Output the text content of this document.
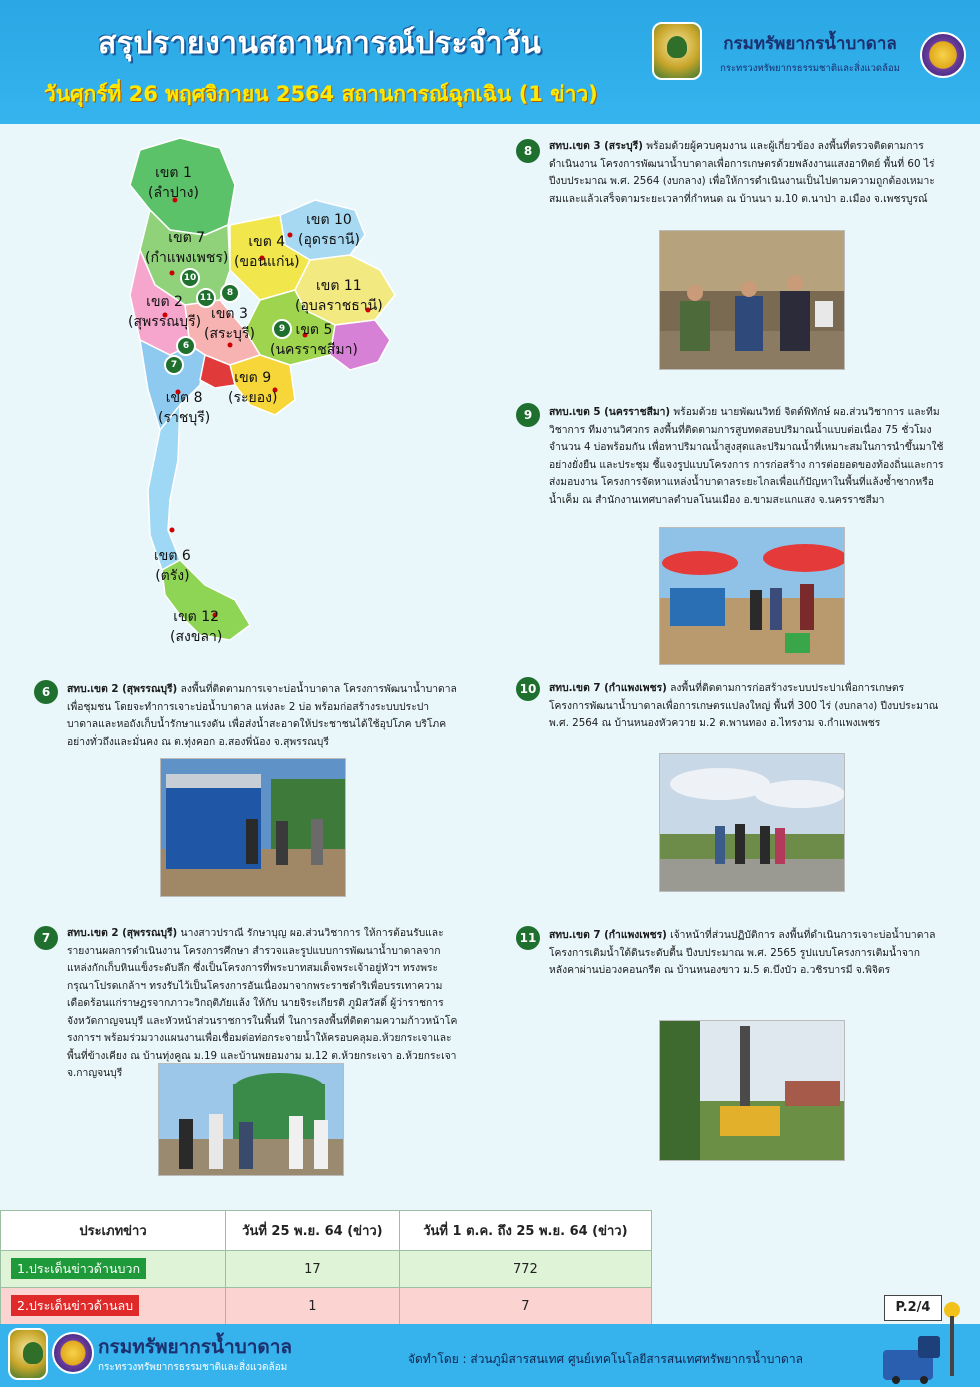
สรุปรายงานสถานการณ์ประจำวัน
วันศุกร์ที่ 26 พฤศจิกายน 2564 สถานการณ์ฉุกเฉิน (1 ข่าว)
กรมทรัพยากรน้ำบาดาล
กระทรวงทรัพยากรธรรมชาติและสิ่งแวดล้อม
เขต 1
(ลำปาง)
เขต 7
(กำแพงเพชร)
เขต 4
(ขอนแก่น)
เขต 10
(อุดรธานี)
เขต 11
(อุบลราชธานี)
เขต 2
(สุพรรณบุรี) เขต 3
(สระบุรี)	เขต 5
(นครราชสีมา)
เขต 9
(ระยอง)
เขต 8
(ราชบุรี)
เขต 6
(ตรัง)
เขต 12
(สงขลา)
10
11	8
9
6
7
8	สทบ.เขต 3 (สระบุรี) พร้อมด้วยผู้ควบคุมงาน และผู้เกี่ยวข้อง ลงพื้นที่ตรวจติดตามการดำเนินงาน โครงการพัฒนาน้ำบาดาลเพื่อการเกษตรด้วยพลังงานแสงอาทิตย์ พื้นที่ 60 ไร่ ปีงบประมาณ พ.ศ. 2564 (งบกลาง) เพื่อให้การดำเนินงานเป็นไปตามความถูกต้องเหมาะสมและแล้วเสร็จตามระยะเวลาที่กำหนด ณ บ้านนา ม.10 ต.นาป่า อ.เมือง จ.เพชรบูรณ์
9	สทบ.เขต 5 (นครราชสีมา) พร้อมด้วย นายพัฒนวิทย์ จิตต์พิทักษ์ ผอ.ส่วนวิชาการ และทีมวิชาการ ทีมงานวิศวกร ลงพื้นที่ติดตามการสูบทดสอบปริมาณน้ำแบบต่อเนื่อง 75 ชั่วโมง จำนวน 4 บ่อพร้อมกัน เพื่อหาปริมาณน้ำสูงสุดและปริมาณน้ำที่เหมาะสมในการนำขึ้นมาใช้อย่างยั่งยืน และประชุม ชี้แจงรูปแบบโครงการ การก่อสร้าง การต่อยอดของท้องถิ่นและการส่งมอบงาน โครงการจัดหาแหล่งน้ำบาดาลระยะไกลเพื่อแก้ปัญหาในพื้นที่แล้งซ้ำซากหรือน้ำเค็ม ณ สำนักงานเทศบาลตำบลโนนเมือง อ.ขามสะแกแสง จ.นครราชสีมา
10	สทบ.เขต 7 (กำแพงเพชร) ลงพื้นที่ติดตามการก่อสร้างระบบประปาเพื่อการเกษตร โครงการพัฒนาน้ำบาดาลเพื่อการเกษตรแปลงใหญ่ พื้นที่ 300 ไร่ (งบกลาง) ปีงบประมาณ พ.ศ. 2564 ณ บ้านหนองหัวควาย ม.2 ต.พานทอง อ.ไทรงาม จ.กำแพงเพชร
11	สทบ.เขต 7 (กำแพงเพชร) เจ้าหน้าที่ส่วนปฏิบัติการ ลงพื้นที่ดำเนินการเจาะบ่อน้ำบาดาล โครงการเติมน้ำใต้ดินระดับตื้น ปีงบประมาณ พ.ศ. 2565 รูปแบบโครงการเติมน้ำจากหลังคาผ่านบ่อวงคอนกรีต ณ บ้านหนองขาว ม.5 ต.บึงบัว อ.วชิรบารมี จ.พิจิตร
6	สทบ.เขต 2 (สุพรรณบุรี) ลงพื้นที่ติดตามการเจาะบ่อน้ำบาดาล โครงการพัฒนาน้ำบาดาลเพื่อชุมชน โดยจะทำการเจาะบ่อน้ำบาดาล แห่งละ 2 บ่อ พร้อมก่อสร้างระบบประปาบาดาลและหอถังเก็บน้ำรักษาแรงดัน เพื่อส่งน้ำสะอาดให้ประชาชนได้ใช้อุปโภค บริโภค อย่างทั่วถึงและมั่นคง ณ ต.ทุ่งคอก อ.สองพี่น้อง จ.สุพรรณบุรี
7	สทบ.เขต 2 (สุพรรณบุรี) นางสาวปราณี รักษาบุญ ผอ.ส่วนวิชาการ ให้การต้อนรับและรายงานผลการดำเนินงาน โครงการศึกษา สำรวจและรูปแบบการพัฒนาน้ำบาดาลจากแหล่งกักเก็บหินแข็งระดับลึก ซึ่งเป็นโครงการที่พระบาทสมเด็จพระเจ้าอยู่หัวฯ ทรงพระกรุณาโปรดเกล้าฯ ทรงรับไว้เป็นโครงการอันเนื่องมาจากพระราชดำริเพื่อบรรเทาความเดือดร้อนแก่ราษฎรจากภาวะวิกฤติภัยแล้ง ให้กับ นายจิระเกียรติ ภูมิสวัสดิ์ ผู้ว่าราชการจังหวัดกาญจนบุรี และหัวหน้าส่วนราชการในพื้นที่ ในการลงพื้นที่ติดตามความก้าวหน้าโครงการฯ พร้อมร่วมวางแผนงานเพื่อเชื่อมต่อท่อกระจายน้ำให้ครอบคลุมอ.ห้วยกระเจาและพื้นที่ข้างเคียง ณ บ้านทุ่งคูณ ม.19 และบ้านพยอมงาม ม.12 ต.ห้วยกระเจา อ.ห้วยกระเจา จ.กาญจนบุรี
ประเภทข่าว	วันที่ 25 พ.ย. 64 (ข่าว)	วันที่ 1 ต.ค. ถึง 25 พ.ย. 64 (ข่าว)
1.ประเด็นข่าวด้านบวก	17	772
2.ประเด็นข่าวด้านลบ	1	7	P.2/4
กรมทรัพยากรน้ำบาดาล
กระทรวงทรัพยากรธรรมชาติและสิ่งแวดล้อม
จัดทำโดย : ส่วนภูมิสารสนเทศ ศูนย์เทคโนโลยีสารสนเทศทรัพยากรน้ำบาดาล
